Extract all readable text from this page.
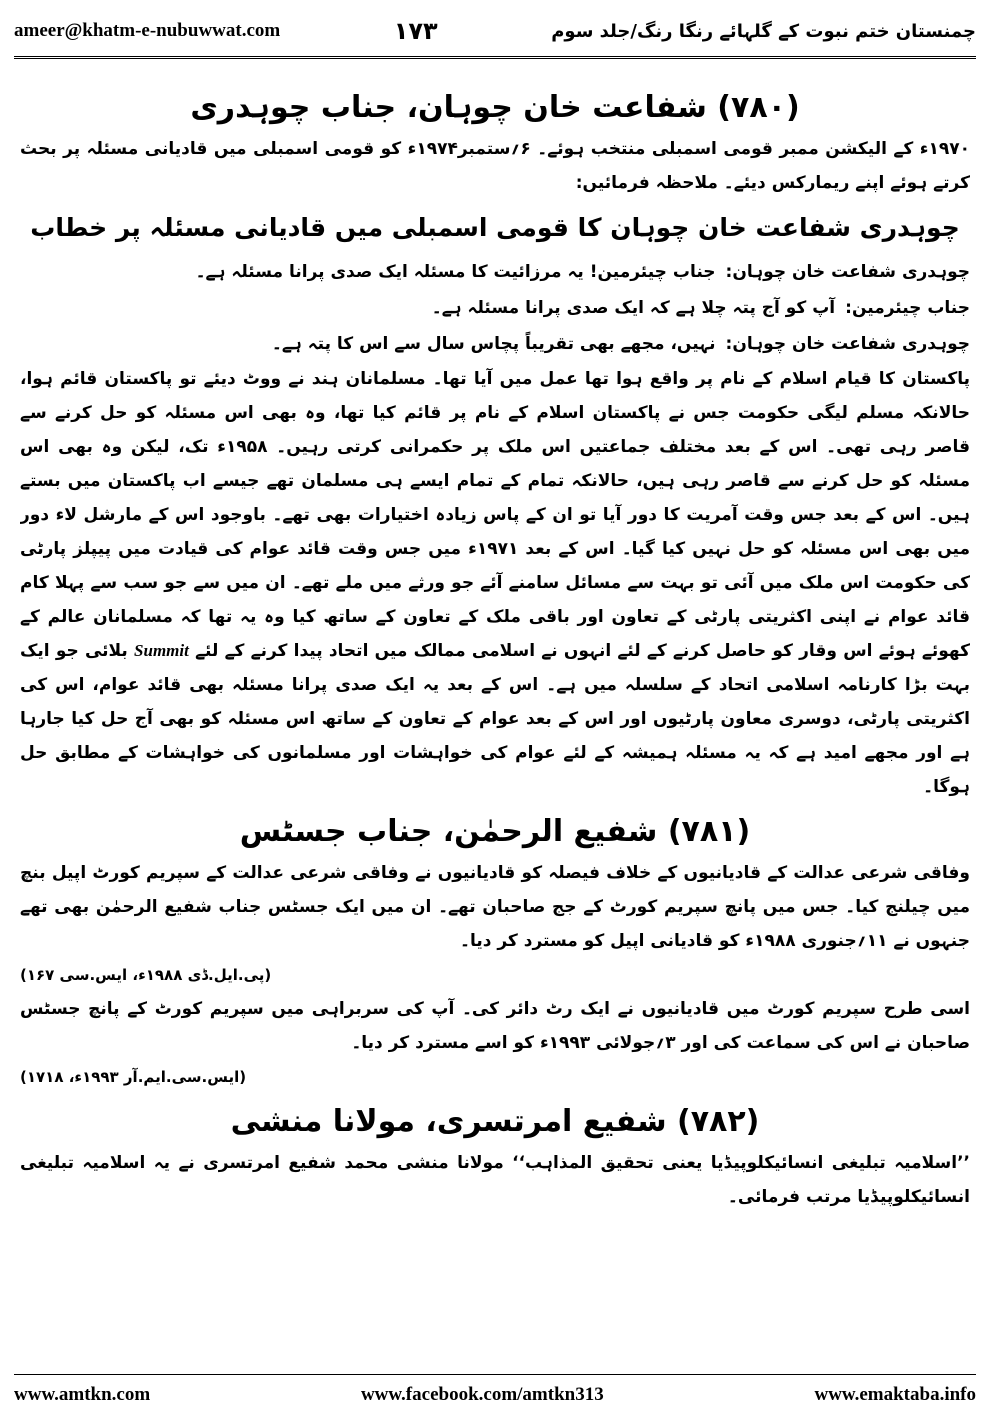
ameer@khatm-e-nubuwwat.com	۱۷۳	چمنستان ختم نبوت کے گلہائے رنگا رنگ/جلد سوم
(۷۸۰) شفاعت خان چوہان، جناب چوہدری

۱۹۷۰ء کے الیکشن ممبر قومی اسمبلی منتخب ہوئے۔ ۶؍ستمبر۱۹۷۴ء کو قومی اسمبلی میں قادیانی مسئلہ پر بحث کرتے ہوئے اپنے ریمارکس دیئے۔ ملاحظہ فرمائیں:

چوہدری شفاعت خان چوہان کا قومی اسمبلی میں قادیانی مسئلہ پر خطاب

چوہدری شفاعت خان چوہان :جناب چیئرمین! یہ مرزائیت کا مسئلہ ایک صدی پرانا مسئلہ ہے۔

جناب چیئرمین :آپ کو آج پتہ چلا ہے کہ ایک صدی پرانا مسئلہ ہے۔

چوہدری شفاعت خان چوہان :نہیں، مجھے بھی تقریباً پچاس سال سے اس کا پتہ ہے۔

پاکستان کا قیام اسلام کے نام پر واقع ہوا تھا عمل میں آیا تھا۔ مسلمانان ہند نے ووٹ دیئے تو پاکستان قائم ہوا، حالانکہ مسلم لیگی حکومت جس نے پاکستان اسلام کے نام پر قائم کیا تھا، وہ بھی اس مسئلہ کو حل کرنے سے قاصر رہی تھی۔ اس کے بعد مختلف جماعتیں اس ملک پر حکمرانی کرتی رہیں۔ ۱۹۵۸ء تک، لیکن وہ بھی اس مسئلہ کو حل کرنے سے قاصر رہی ہیں، حالانکہ تمام کے تمام ایسے ہی مسلمان تھے جیسے اب پاکستان میں بستے ہیں۔ اس کے بعد جس وقت آمریت کا دور آیا تو ان کے پاس زیادہ اختیارات بھی تھے۔ باوجود اس کے مارشل لاء دور میں بھی اس مسئلہ کو حل نہیں کیا گیا۔ اس کے بعد ۱۹۷۱ء میں جس وقت قائد عوام کی قیادت میں پیپلز پارٹی کی حکومت اس ملک میں آئی تو بہت سے مسائل سامنے آئے جو ورثے میں ملے تھے۔ ان میں سے جو سب سے پہلا کام قائد عوام نے اپنی اکثریتی پارٹی کے تعاون اور باقی ملک کے تعاون کے ساتھ کیا وہ یہ تھا کہ مسلمانان عالم کے کھوئے ہوئے اس وقار کو حاصل کرنے کے لئے انہوں نے اسلامی ممالک میں اتحاد پیدا کرنے کے لئے Summit بلائی جو ایک بہت بڑا کارنامہ اسلامی اتحاد کے سلسلہ میں ہے۔ اس کے بعد یہ ایک صدی پرانا مسئلہ بھی قائد عوام، اس کی اکثریتی پارٹی، دوسری معاون پارٹیوں اور اس کے بعد عوام کے تعاون کے ساتھ اس مسئلہ کو بھی آج حل کیا جارہا ہے اور مجھے امید ہے کہ یہ مسئلہ ہمیشہ کے لئے عوام کی خواہشات اور مسلمانوں کی خواہشات کے مطابق حل ہوگا۔

(۷۸۱) شفیع الرحمٰن، جناب جسٹس

وفاقی شرعی عدالت کے قادیانیوں کے خلاف فیصلہ کو قادیانیوں نے وفاقی شرعی عدالت کے سپریم کورٹ اپیل بنچ میں چیلنج کیا۔ جس میں پانچ سپریم کورٹ کے جج صاحبان تھے۔ ان میں ایک جسٹس جناب شفیع الرحمٰن بھی تھے جنہوں نے ۱۱؍جنوری ۱۹۸۸ء کو قادیانی اپیل کو مسترد کر دیا۔

(پی.ایل.ڈی ۱۹۸۸ء، ایس.سی ۱۶۷)

اسی طرح سپریم کورٹ میں قادیانیوں نے ایک رٹ دائر کی۔ آپ کی سربراہی میں سپریم کورٹ کے پانچ جسٹس صاحبان نے اس کی سماعت کی اور ۳؍جولائی ۱۹۹۳ء کو اسے مسترد کر دیا۔

(ایس.سی.ایم.آر ۱۹۹۳ء، ۱۷۱۸)
(۷۸۲) شفیع امرتسری، مولانا منشی

’’اسلامیہ تبلیغی انسائیکلوپیڈیا یعنی تحقیق المذاہب‘‘ مولانا منشی محمد شفیع امرتسری نے یہ اسلامیہ تبلیغی انسائیکلوپیڈیا مرتب فرمائی۔

www.amtkn.com	www.facebook.com/amtkn313	www.emaktaba.info
